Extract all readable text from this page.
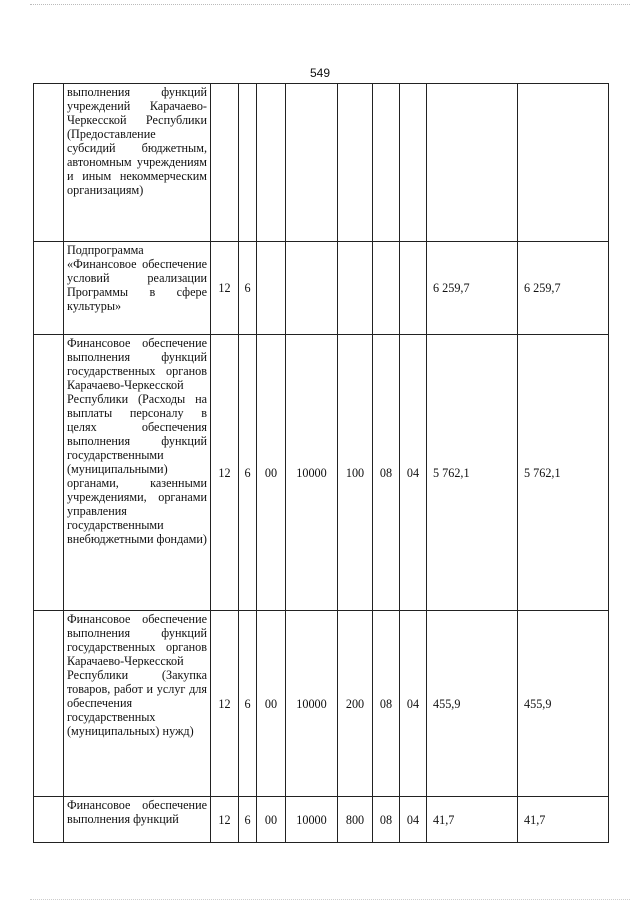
549

	выполнения функций учреждений Карачаево-Черкесской Республики (Предоставление субсидий бюджетным, автономным учреждениям и иным некоммерческим организациям)									

	Подпрограмма «Финансовое обеспечение условий реализации Программы в сфере культуры»	12	6						6 259,7	6 259,7

	Финансовое обеспечение выполнения функций государственных органов Карачаево-Черкесской Республики (Расходы на выплаты персоналу в целях обеспечения выполнения функций государственными (муниципальными) органами, казенными учреждениями, органами управления государственными внебюджетными фондами)	12	6	00	10000	100	08	04	5 762,1	5 762,1

	Финансовое обеспечение выполнения функций государственных органов Карачаево-Черкесской Республики (Закупка товаров, работ и услуг для обеспечения государственных (муниципальных) нужд)	12	6	00	10000	200	08	04	455,9	455,9

	Финансовое обеспечение выполнения функций	12	6	00	10000	800	08	04	41,7	41,7
